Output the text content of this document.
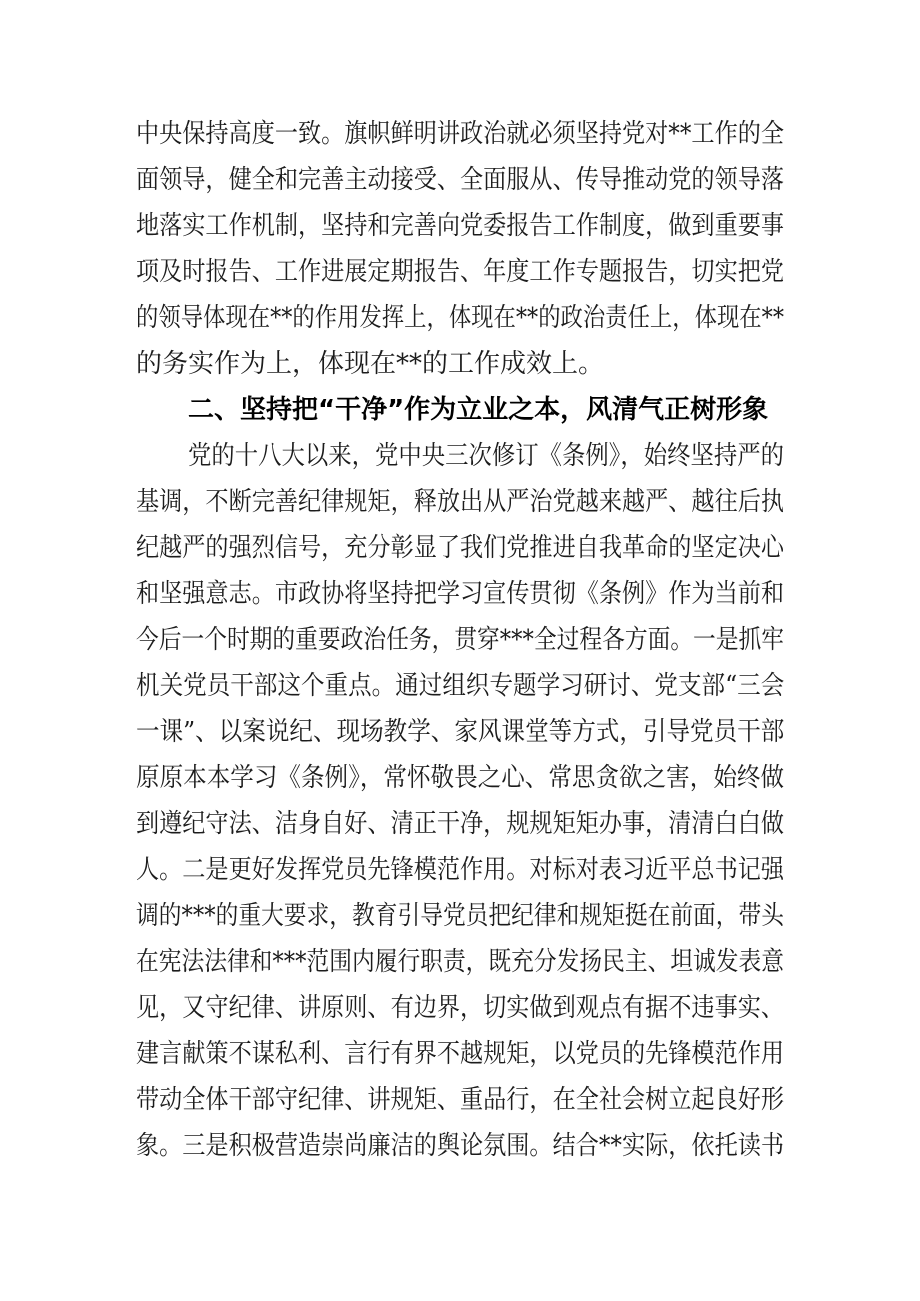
中央保持高度一致。旗帜鲜明讲政治就必须坚持党对**工作的全
面领导，健全和完善主动接受、全面服从、传导推动党的领导落
地落实工作机制，坚持和完善向党委报告工作制度，做到重要事
项及时报告、工作进展定期报告、年度工作专题报告，切实把党
的领导体现在**的作用发挥上，体现在**的政治责任上，体现在**
的务实作为上，体现在**的工作成效上。
二、坚持把“干净”作为立业之本，风清气正树形象
党的十八大以来，党中央三次修订《条例》，始终坚持严的
基调，不断完善纪律规矩，释放出从严治党越来越严、越往后执
纪越严的强烈信号，充分彰显了我们党推进自我革命的坚定决心
和坚强意志。市政协将坚持把学习宣传贯彻《条例》作为当前和
今后一个时期的重要政治任务，贯穿***全过程各方面。一是抓牢
机关党员干部这个重点。通过组织专题学习研讨、党支部“三会
一课”、以案说纪、现场教学、家风课堂等方式，引导党员干部
原原本本学习《条例》，常怀敬畏之心、常思贪欲之害，始终做
到遵纪守法、洁身自好、清正干净，规规矩矩办事，清清白白做
人。二是更好发挥党员先锋模范作用。对标对表习近平总书记强
调的***的重大要求，教育引导党员把纪律和规矩挺在前面，带头
在宪法法律和***范围内履行职责，既充分发扬民主、坦诚发表意
见，又守纪律、讲原则、有边界，切实做到观点有据不违事实、
建言献策不谋私利、言行有界不越规矩，以党员的先锋模范作用
带动全体干部守纪律、讲规矩、重品行，在全社会树立起良好形
象。三是积极营造崇尚廉洁的舆论氛围。结合**实际，依托读书
